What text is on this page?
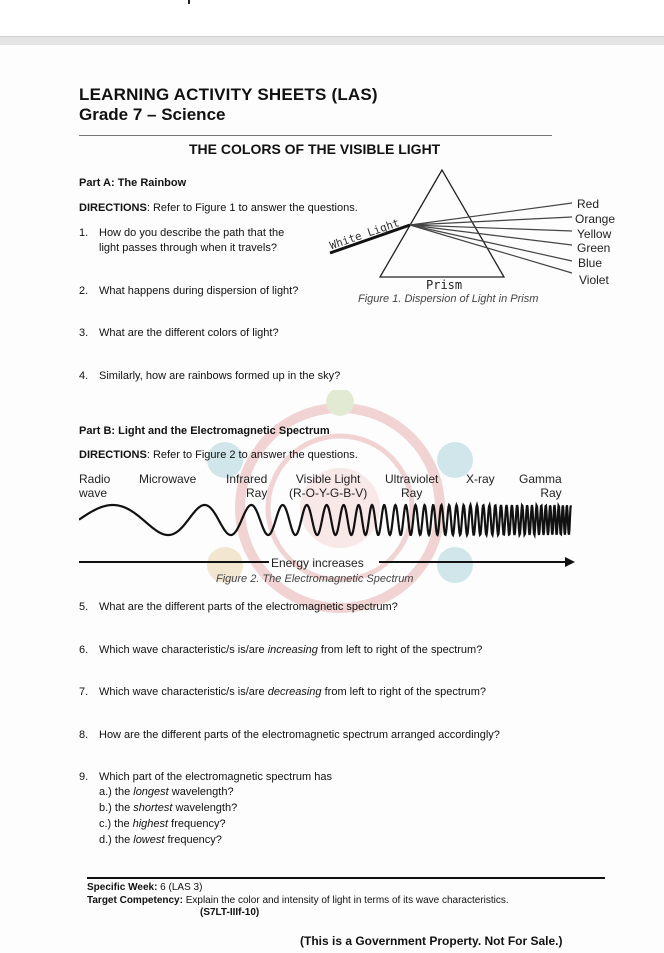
LEARNING ACTIVITY SHEETS (LAS)
Grade 7 – Science
THE COLORS OF THE VISIBLE LIGHT
Part A: The Rainbow
DIRECTIONS: Refer to Figure 1 to answer the questions.
1. How do you describe the path that the
light passes through when it travels?
2. What happens during dispersion of light?
3. What are the different colors of light?
4. Similarly, how are rainbows formed up in the sky?
White Light
Prism
Figure 1. Dispersion of Light in Prism
Red
Orange
Yellow
Green
Blue
Violet
Part B: Light and the Electromagnetic Spectrum
DIRECTIONS: Refer to Figure 2 to answer the questions.
Radio
wave
Microwave Infrared
Ray
Visible Light
(R-O-Y-G-B-V)
Ultraviolet
Ray
X-ray Gamma
Ray
Energy increases
Figure 2. The Electromagnetic Spectrum
5. What are the different parts of the electromagnetic spectrum?
6. Which wave characteristic/s is/are increasing from left to right of the spectrum?
7. Which wave characteristic/s is/are decreasing from left to right of the spectrum?
8. How are the different parts of the electromagnetic spectrum arranged accordingly?
9. Which part of the electromagnetic spectrum has
a.) the longest wavelength?
b.) the shortest wavelength?
c.) the highest frequency?
d.) the lowest frequency?
Specific Week: 6 (LAS 3)
Target Competency: Explain the color and intensity of light in terms of its wave characteristics.
(S7LT-IIIf-10)
(This is a Government Property. Not For Sale.)
